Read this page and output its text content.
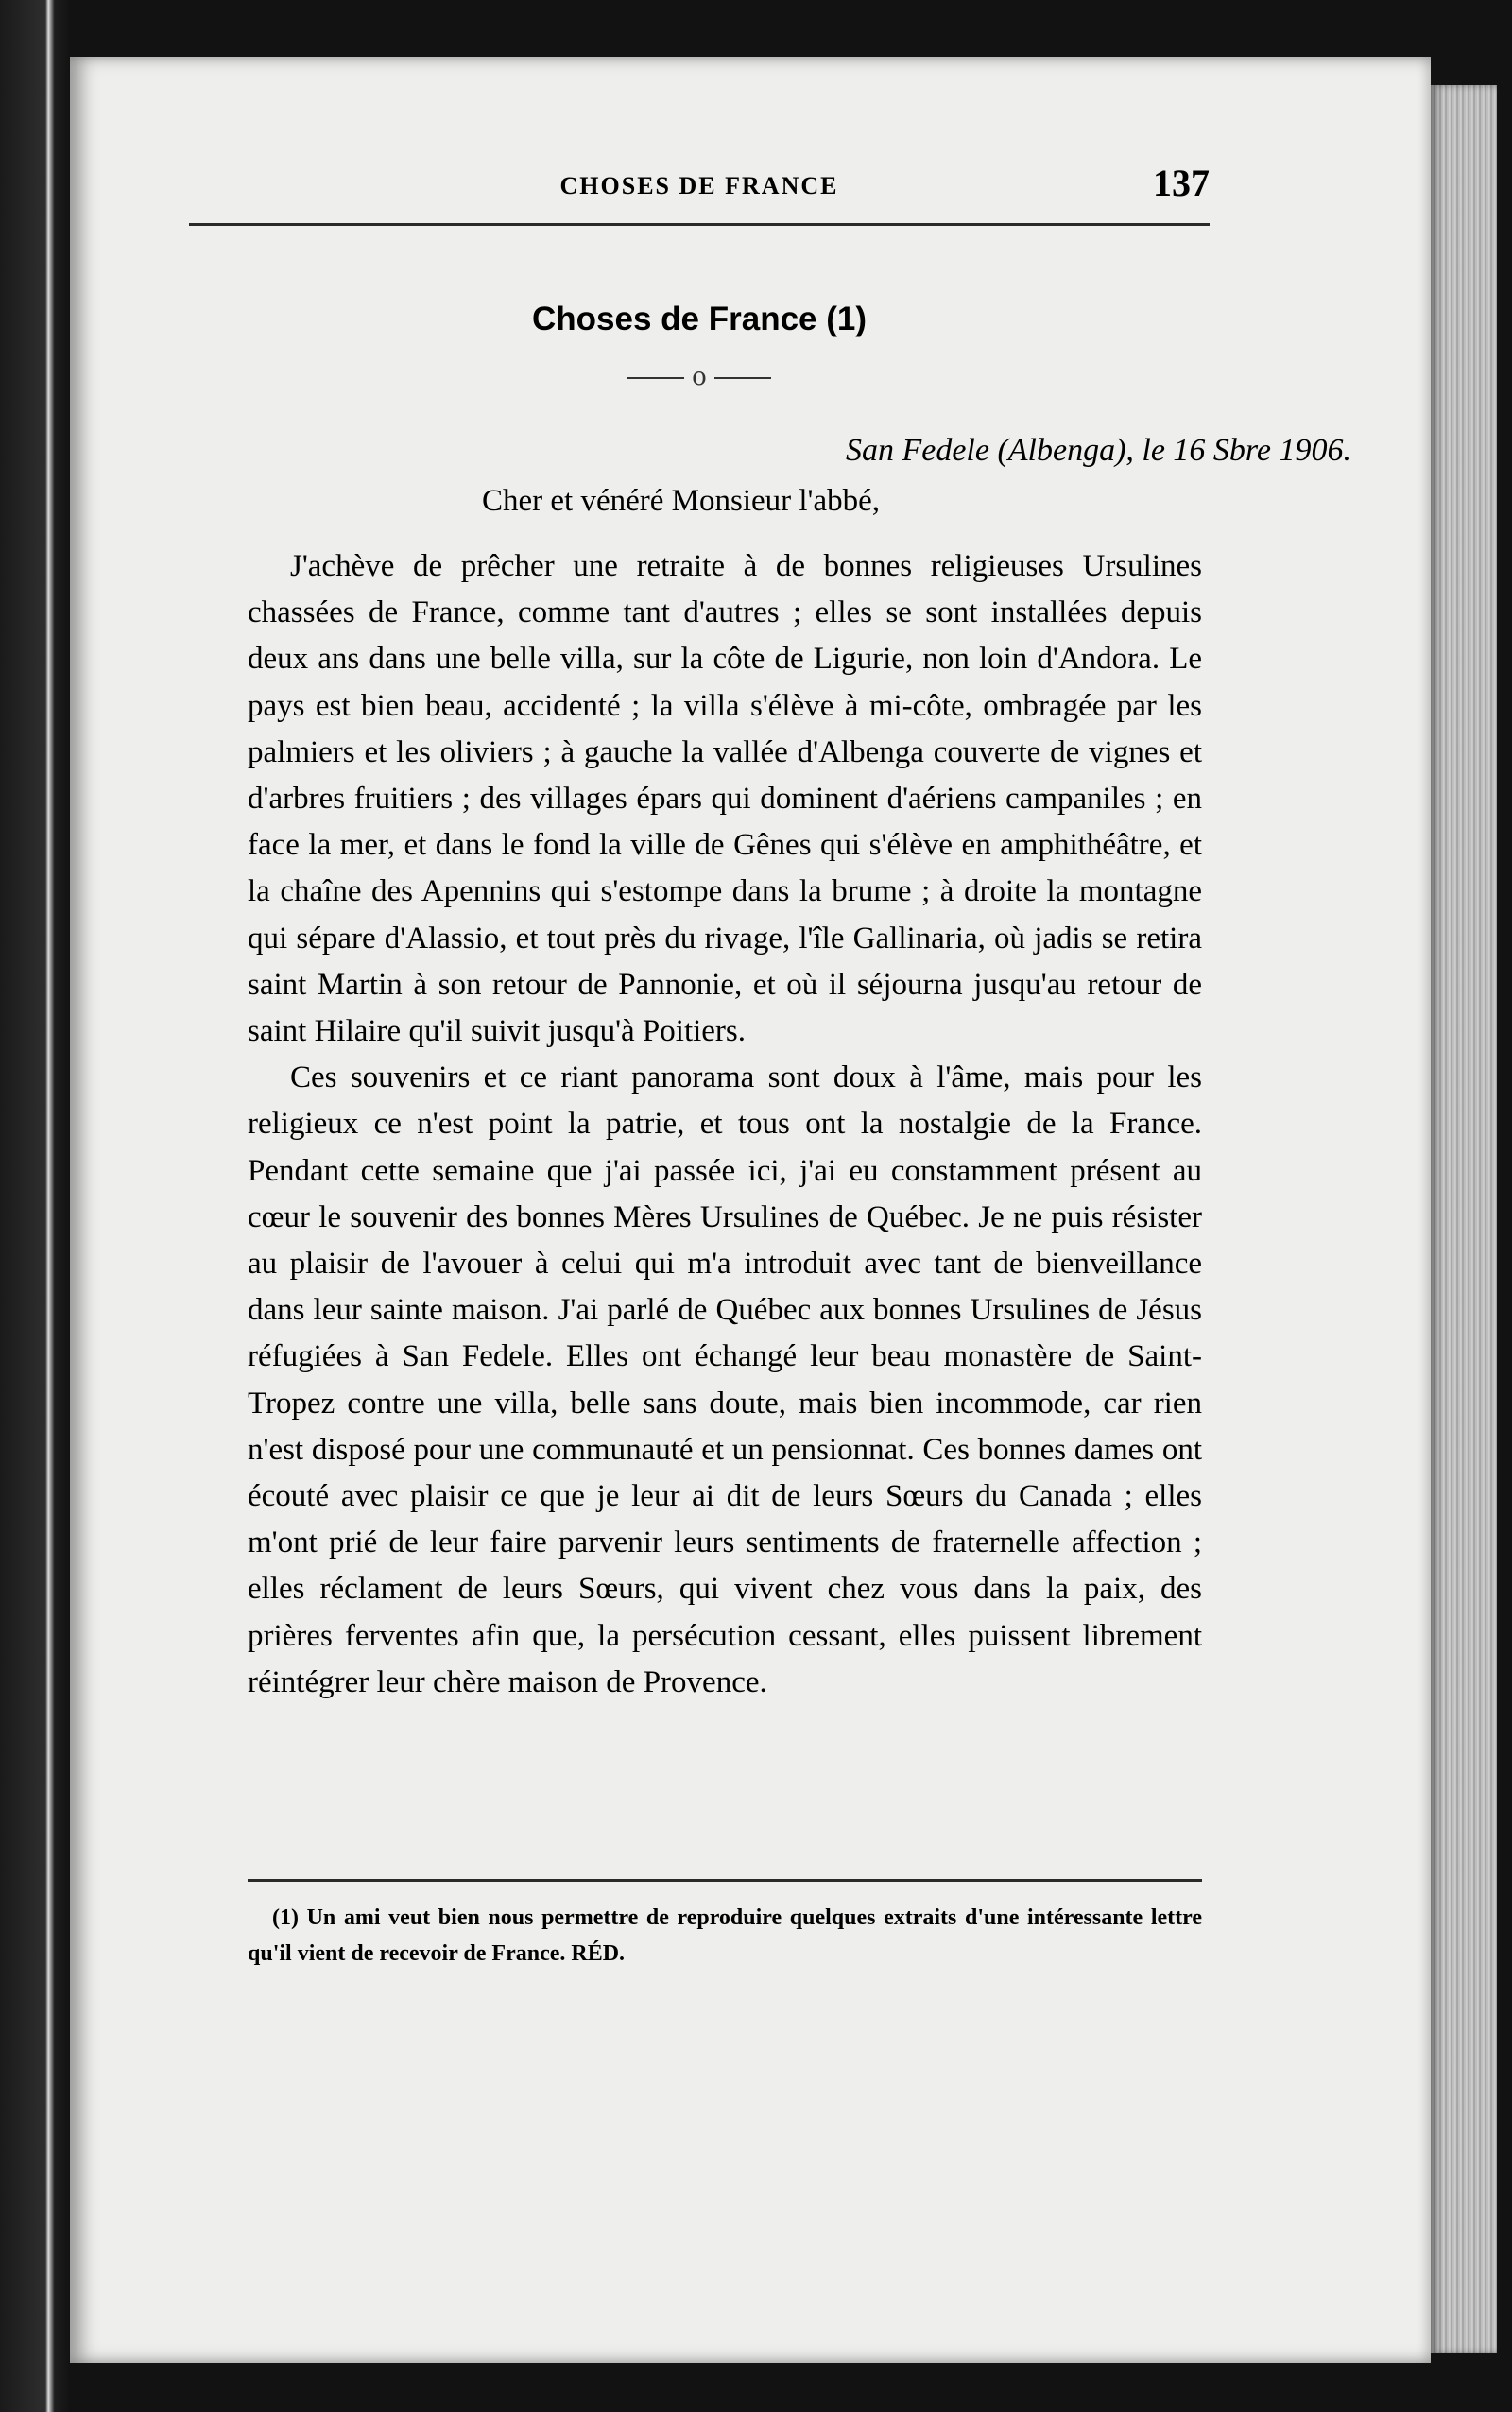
CHOSES DE FRANCE	137
Choses de France (1)
o
San Fedele (Albenga), le 16 Sbre 1906.
Cher et vénéré Monsieur l'abbé,

J'achève de prêcher une retraite à de bonnes religieuses Ursulines chassées de France, comme tant d'autres ; elles se sont installées depuis deux ans dans une belle villa, sur la côte de Ligurie, non loin d'Andora. Le pays est bien beau, accidenté ; la villa s'élève à mi-côte, ombragée par les palmiers et les oliviers ; à gauche la vallée d'Albenga couverte de vignes et d'arbres fruitiers ; des villages épars qui dominent d'aériens campaniles ; en face la mer, et dans le fond la ville de Gênes qui s'élève en amphithéâtre, et la chaîne des Apennins qui s'estompe dans la brume ; à droite la montagne qui sépare d'Alassio, et tout près du rivage, l'île Gallinaria, où jadis se retira saint Martin à son retour de Pannonie, et où il séjourna jusqu'au retour de saint Hilaire qu'il suivit jusqu'à Poitiers.

Ces souvenirs et ce riant panorama sont doux à l'âme, mais pour les religieux ce n'est point la patrie, et tous ont la nostalgie de la France. Pendant cette semaine que j'ai passée ici, j'ai eu constamment présent au cœur le souvenir des bonnes Mères Ursulines de Québec. Je ne puis résister au plaisir de l'avouer à celui qui m'a introduit avec tant de bienveillance dans leur sainte maison. J'ai parlé de Québec aux bonnes Ursulines de Jésus réfugiées à San Fedele. Elles ont échangé leur beau monastère de Saint-Tropez contre une villa, belle sans doute, mais bien incommode, car rien n'est disposé pour une communauté et un pensionnat. Ces bonnes dames ont écouté avec plaisir ce que je leur ai dit de leurs Sœurs du Canada ; elles m'ont prié de leur faire parvenir leurs sentiments de fraternelle affection ; elles réclament de leurs Sœurs, qui vivent chez vous dans la paix, des prières ferventes afin que, la persécution cessant, elles puissent librement réintégrer leur chère maison de Provence.

(1) Un ami veut bien nous permettre de reproduire quelques extraits d'une intéressante lettre qu'il vient de recevoir de France. RÉD.
